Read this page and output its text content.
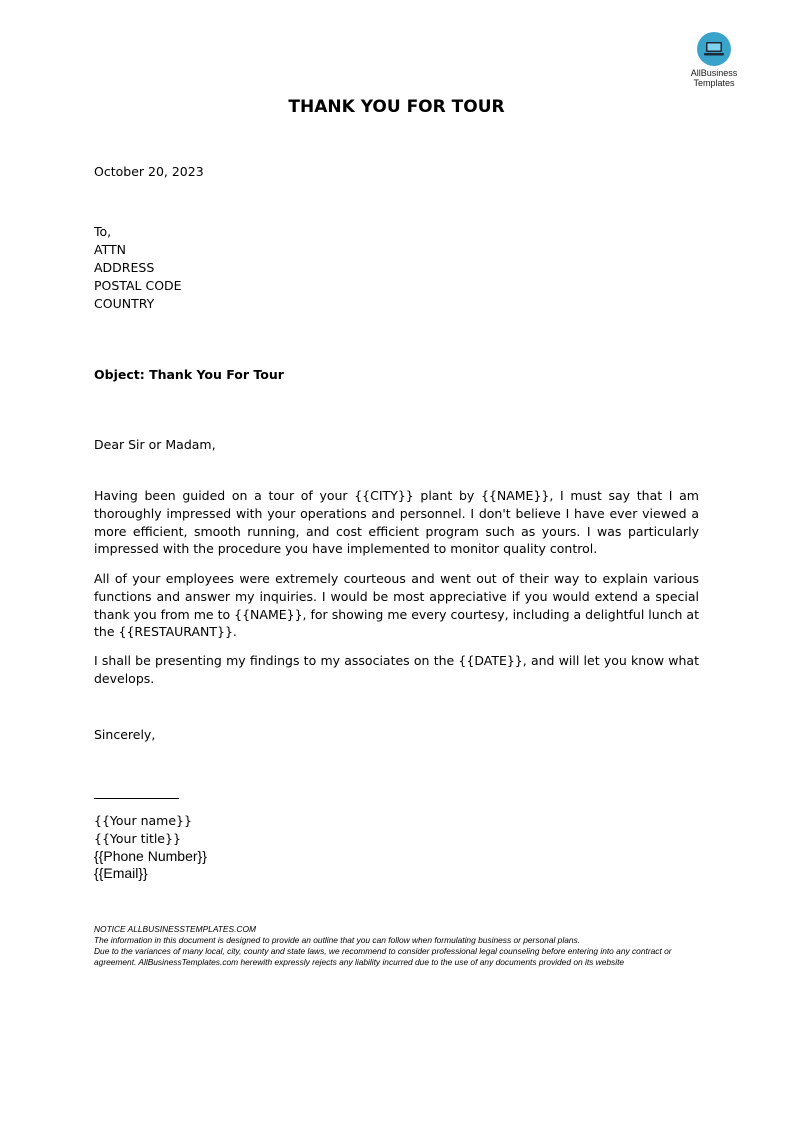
AllBusiness
Templates
THANK YOU FOR TOUR
October 20, 2023
To,
ATTN
ADDRESS
POSTAL CODE
COUNTRY
Object: Thank You For Tour
Dear Sir or Madam,

Having been guided on a tour of your {{CITY}} plant by {{NAME}}, I must say that I am thoroughly impressed with your operations and personnel. I don't believe I have ever viewed a more efficient, smooth running, and cost efficient program such as yours. I was particularly impressed with the procedure you have implemented to monitor quality control.

All of your employees were extremely courteous and went out of their way to explain various functions and answer my inquiries. I would be most appreciative if you would extend a special thank you from me to {{NAME}}, for showing me every courtesy, including a delightful lunch at the {{RESTAURANT}}.

I shall be presenting my findings to my associates on the {{DATE}}, and will let you know what develops.

Sincerely,
{{Your name}}
{{Your title}}
{{Phone Number}}
{{Email}}
NOTICE ALLBUSINESSTEMPLATES.COM
The information in this document is designed to provide an outline that you can follow when formulating business or personal plans.
Due to the variances of many local, city, county and state laws, we recommend to consider professional legal counseling before entering into any contract or agreement. AllBusinessTemplates.com herewith expressly rejects any liability incurred due to the use of any documents provided on its website
